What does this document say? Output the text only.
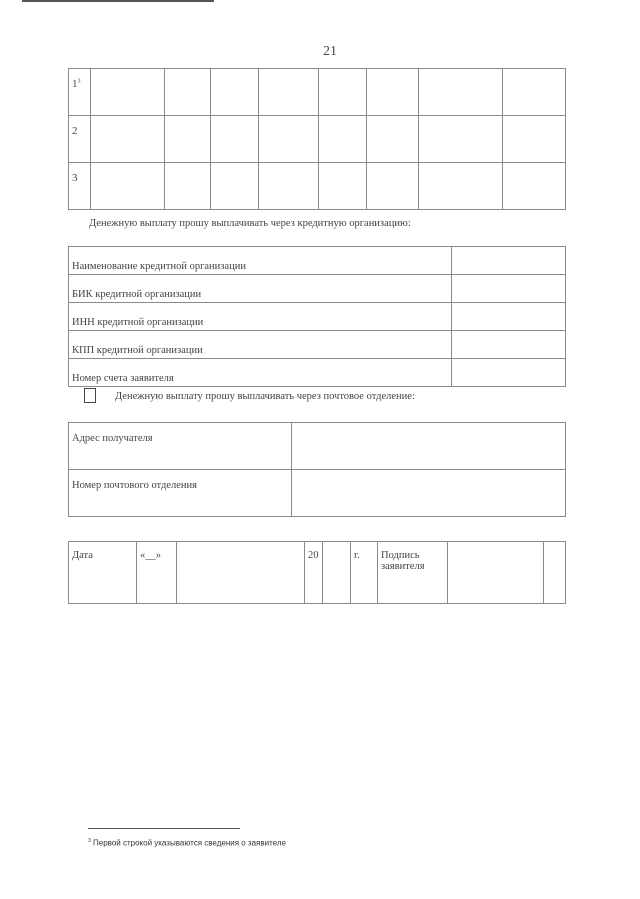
21
$1^3$								
2								
3								
Денежную выплату прошу выплачивать через кредитную организацию:
Наименование кредитной организации	
БИК кредитной организации	
ИНН кредитной организации	
КПП кредитной организации	
Номер счета заявителя	
Денежную выплату прошу выплачивать через почтовое отделение:
Адрес получателя	
Номер почтового отделения	
Дата	«__»		20		г.	Подпись заявителя		
$^3$ Первой строкой указываются сведения о заявителе
